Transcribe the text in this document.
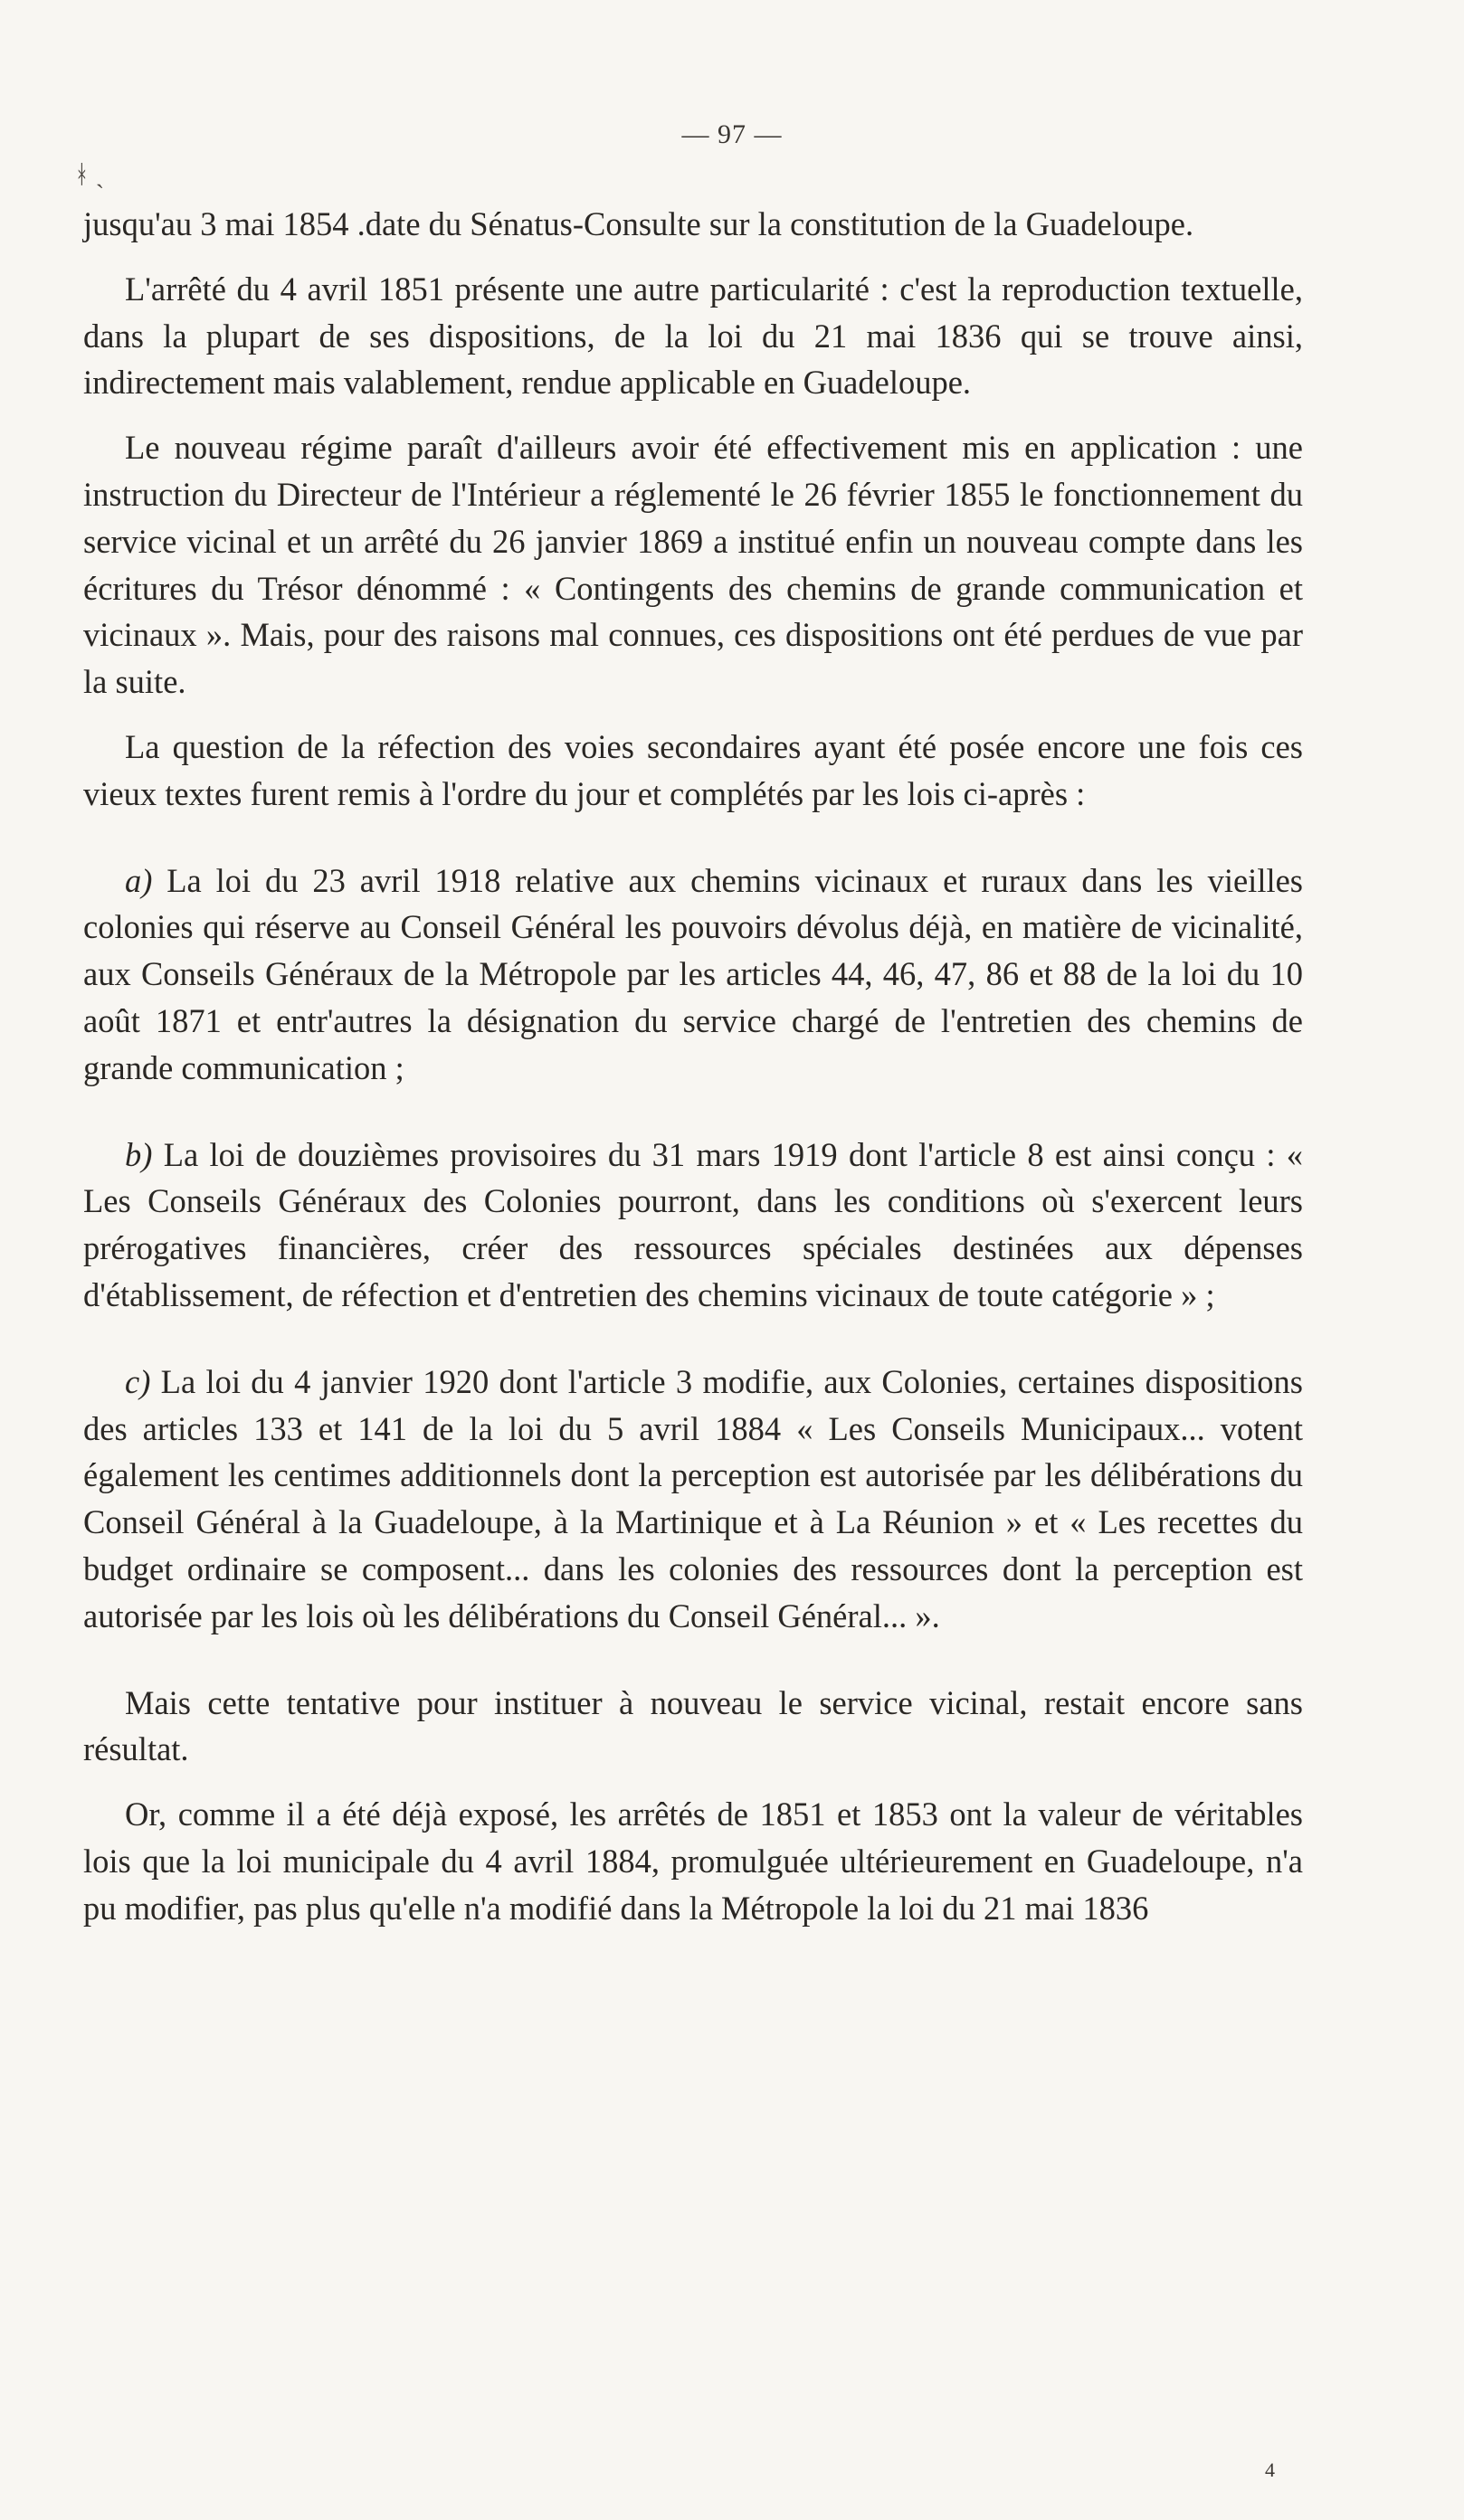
— 97 —
ᚼ ˎ

jusqu'au 3 mai 1854 .date du Sénatus-Consulte sur la constitution de la Guadeloupe.

L'arrêté du 4 avril 1851 présente une autre particularité : c'est la reproduction textuelle, dans la plupart de ses dispositions, de la loi du 21 mai 1836 qui se trouve ainsi, indirectement mais valablement, rendue applicable en Guadeloupe.

Le nouveau régime paraît d'ailleurs avoir été effectivement mis en application : une instruction du Directeur de l'Intérieur a réglementé le 26 février 1855 le fonctionnement du service vicinal et un arrêté du 26 janvier 1869 a institué enfin un nouveau compte dans les écritures du Trésor dénommé : « Contingents des chemins de grande communication et vicinaux ». Mais, pour des raisons mal connues, ces dispositions ont été perdues de vue par la suite.

La question de la réfection des voies secondaires ayant été posée encore une fois ces vieux textes furent remis à l'ordre du jour et complétés par les lois ci-après :

a) La loi du 23 avril 1918 relative aux chemins vicinaux et ruraux dans les vieilles colonies qui réserve au Conseil Général les pouvoirs dévolus déjà, en matière de vicinalité, aux Conseils Généraux de la Métropole par les articles 44, 46, 47, 86 et 88 de la loi du 10 août 1871 et entr'autres la désignation du service chargé de l'entretien des chemins de grande communication ;

b) La loi de douzièmes provisoires du 31 mars 1919 dont l'article 8 est ainsi conçu : « Les Conseils Généraux des Colonies pourront, dans les conditions où s'exercent leurs prérogatives financières, créer des ressources spéciales destinées aux dépenses d'établissement, de réfection et d'entretien des chemins vicinaux de toute catégorie » ;

c) La loi du 4 janvier 1920 dont l'article 3 modifie, aux Colonies, certaines dispositions des articles 133 et 141 de la loi du 5 avril 1884 « Les Conseils Municipaux... votent également les centimes additionnels dont la perception est autorisée par les délibérations du Conseil Général à la Guadeloupe, à la Martinique et à La Réunion » et « Les recettes du budget ordinaire se composent... dans les colonies des ressources dont la perception est autorisée par les lois où les délibérations du Conseil Général... ».

Mais cette tentative pour instituer à nouveau le service vicinal, restait encore sans résultat.

Or, comme il a été déjà exposé, les arrêtés de 1851 et 1853 ont la valeur de véritables lois que la loi municipale du 4 avril 1884, promulguée ultérieurement en Guadeloupe, n'a pu modifier, pas plus qu'elle n'a modifié dans la Métropole la loi du 21 mai 1836

4
